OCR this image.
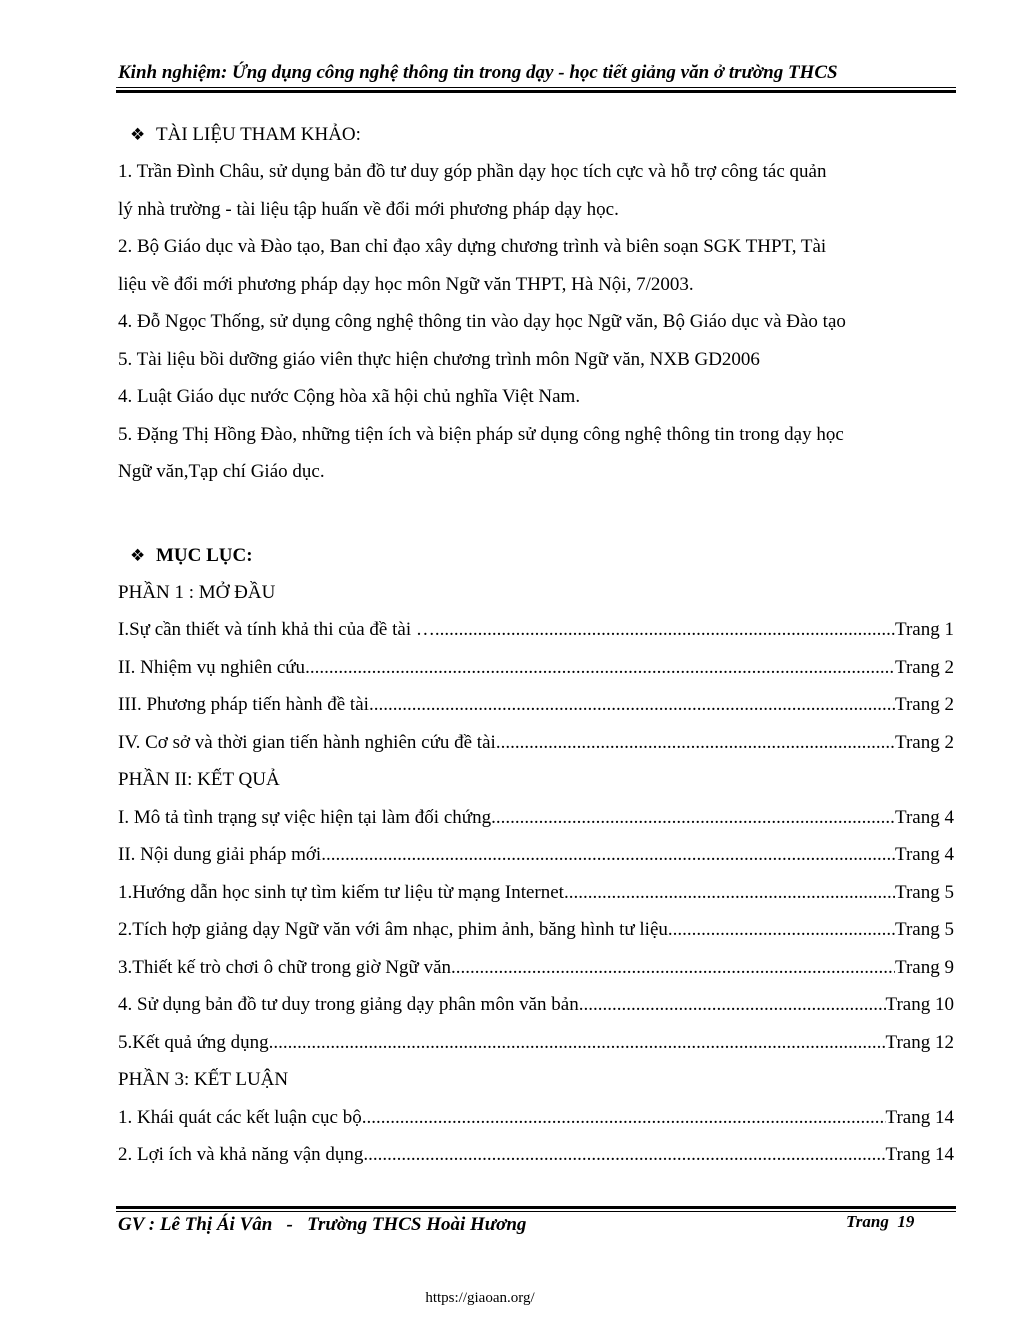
Kinh nghiệm: Ứng dụng công nghệ thông tin trong dạy - học tiết giảng văn ở trường THCS
❖ TÀI LIỆU THAM KHẢO:
1. Trần Đình Châu, sử dụng bản đồ tư duy góp phần dạy học tích cực và hỗ trợ công tác quản
lý nhà trường - tài liệu tập huấn về đổi mới phương pháp dạy học.
2. Bộ Giáo dục và Đào tạo, Ban chỉ đạo xây dựng chương trình và biên soạn SGK THPT, Tài
liệu về đổi mới phương pháp dạy học môn Ngữ văn THPT, Hà Nội, 7/2003.
4. Đỗ Ngọc Thống, sử dụng công nghệ thông tin vào dạy học Ngữ văn, Bộ Giáo dục và Đào tạo
5. Tài liệu bồi dưỡng giáo viên thực hiện chương trình môn Ngữ văn, NXB GD2006
4. Luật Giáo dục nước Cộng hòa xã hội chủ nghĩa Việt Nam.
5. Đặng Thị Hồng Đào, những tiện ích và biện pháp sử dụng công nghệ thông tin trong dạy học
Ngữ văn,Tạp chí Giáo dục.
❖ MỤC LỤC:
PHẦN 1 : MỞ ĐẦU
I.Sự cần thiết và tính khả thi của đề tài … .....	Trang 1
II. Nhiệm vụ nghiên cứu .....	Trang 2
III. Phương pháp tiến hành đề tài .....	Trang 2
IV. Cơ sở và thời gian tiến hành nghiên cứu đề tài .....	Trang 2
PHẦN II: KẾT QUẢ
I. Mô tả tình trạng sự việc hiện tại làm đối chứng .....	Trang 4
II. Nội dung giải pháp mới .....	Trang 4
1.Hướng dẫn học sinh tự tìm kiếm tư liệu từ mạng Internet .....	Trang 5
2.Tích hợp giảng dạy Ngữ văn với âm nhạc, phim ảnh, băng hình tư liệu .....	Trang 5
3.Thiết kế trò chơi ô chữ trong giờ Ngữ văn .....	Trang 9
4. Sử dụng bản đồ tư duy trong giảng dạy phân môn văn bản .....	Trang 10
5.Kết quả ứng dụng .....	Trang 12
PHẦN 3: KẾT LUẬN
1. Khái quát các kết luận cục bộ .....	Trang 14
2. Lợi ích và khả năng vận dụng .....	Trang 14
GV : Lê Thị Ái Vân   -   Trường THCS Hoài Hương	Trang  19
https://giaoan.org/
